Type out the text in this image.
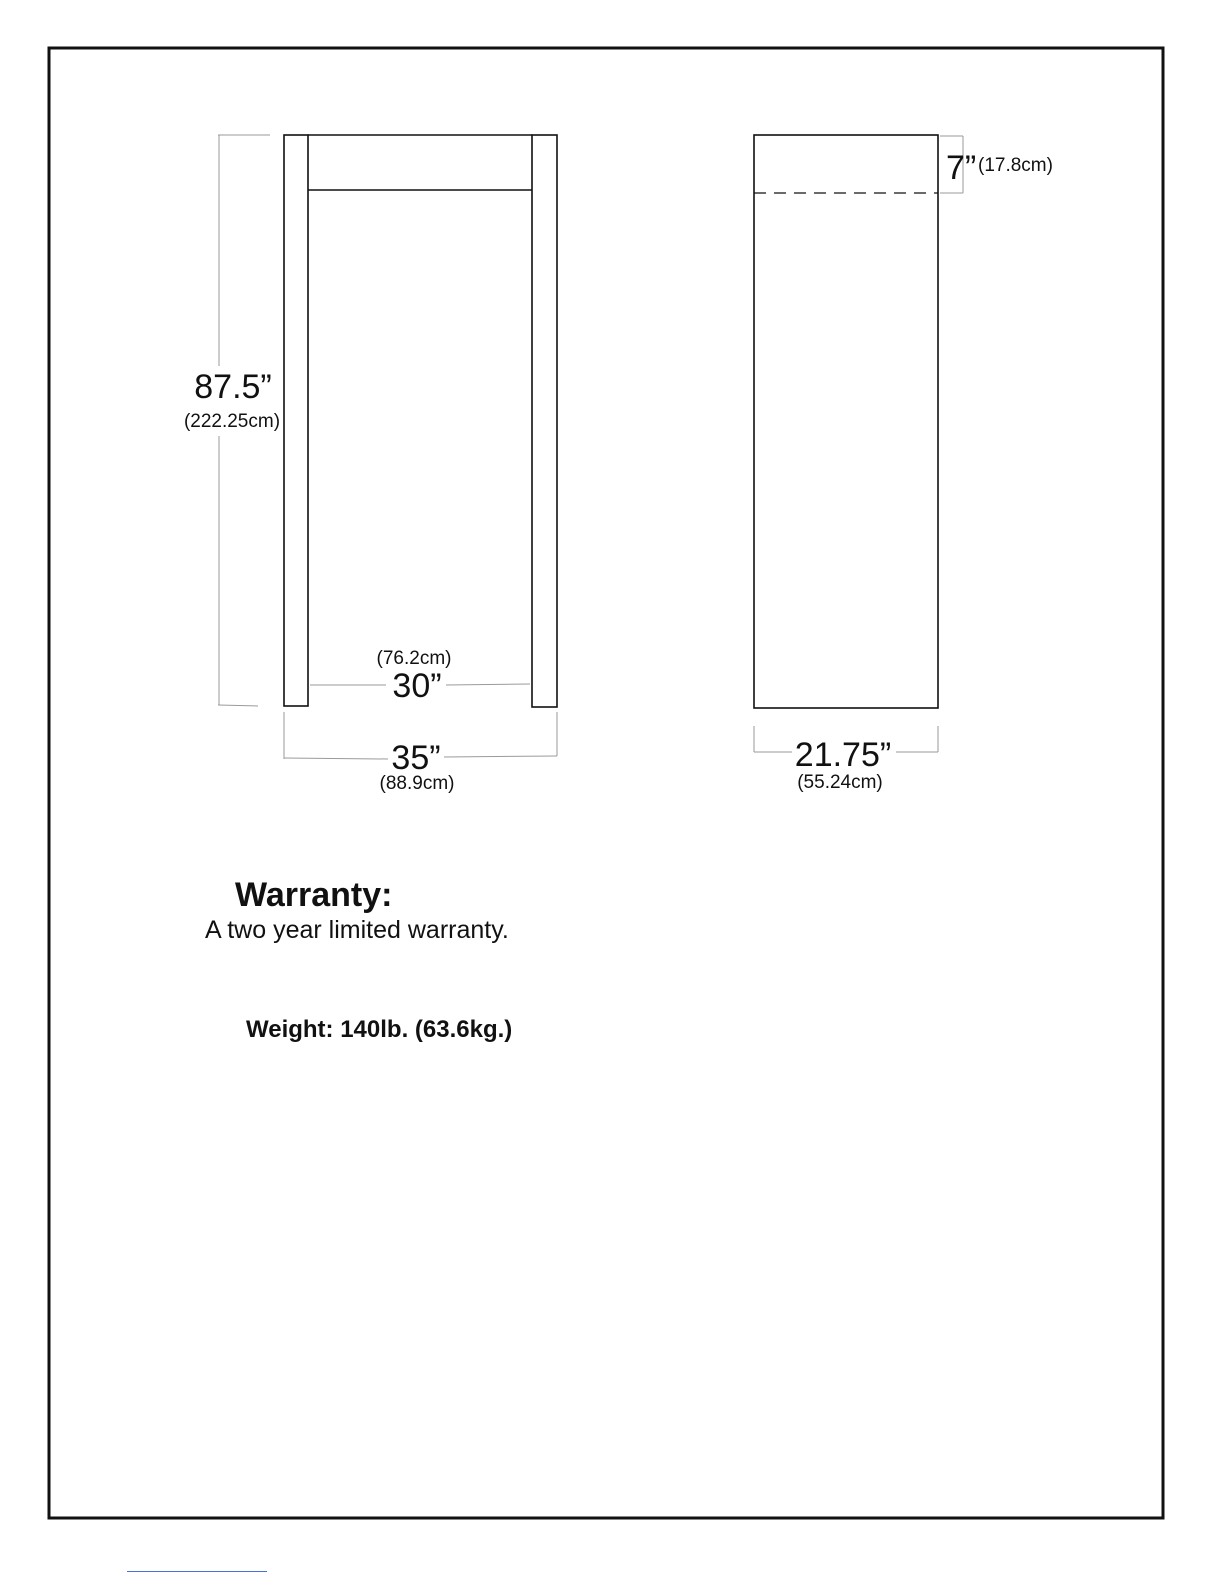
87.5”
(222.25cm)
(76.2cm)
30”
35”
(88.9cm)
7” (17.8cm)
21.75”
(55.24cm)
Warranty:
A two year limited warranty.
Weight: 140lb. (63.6kg.)
